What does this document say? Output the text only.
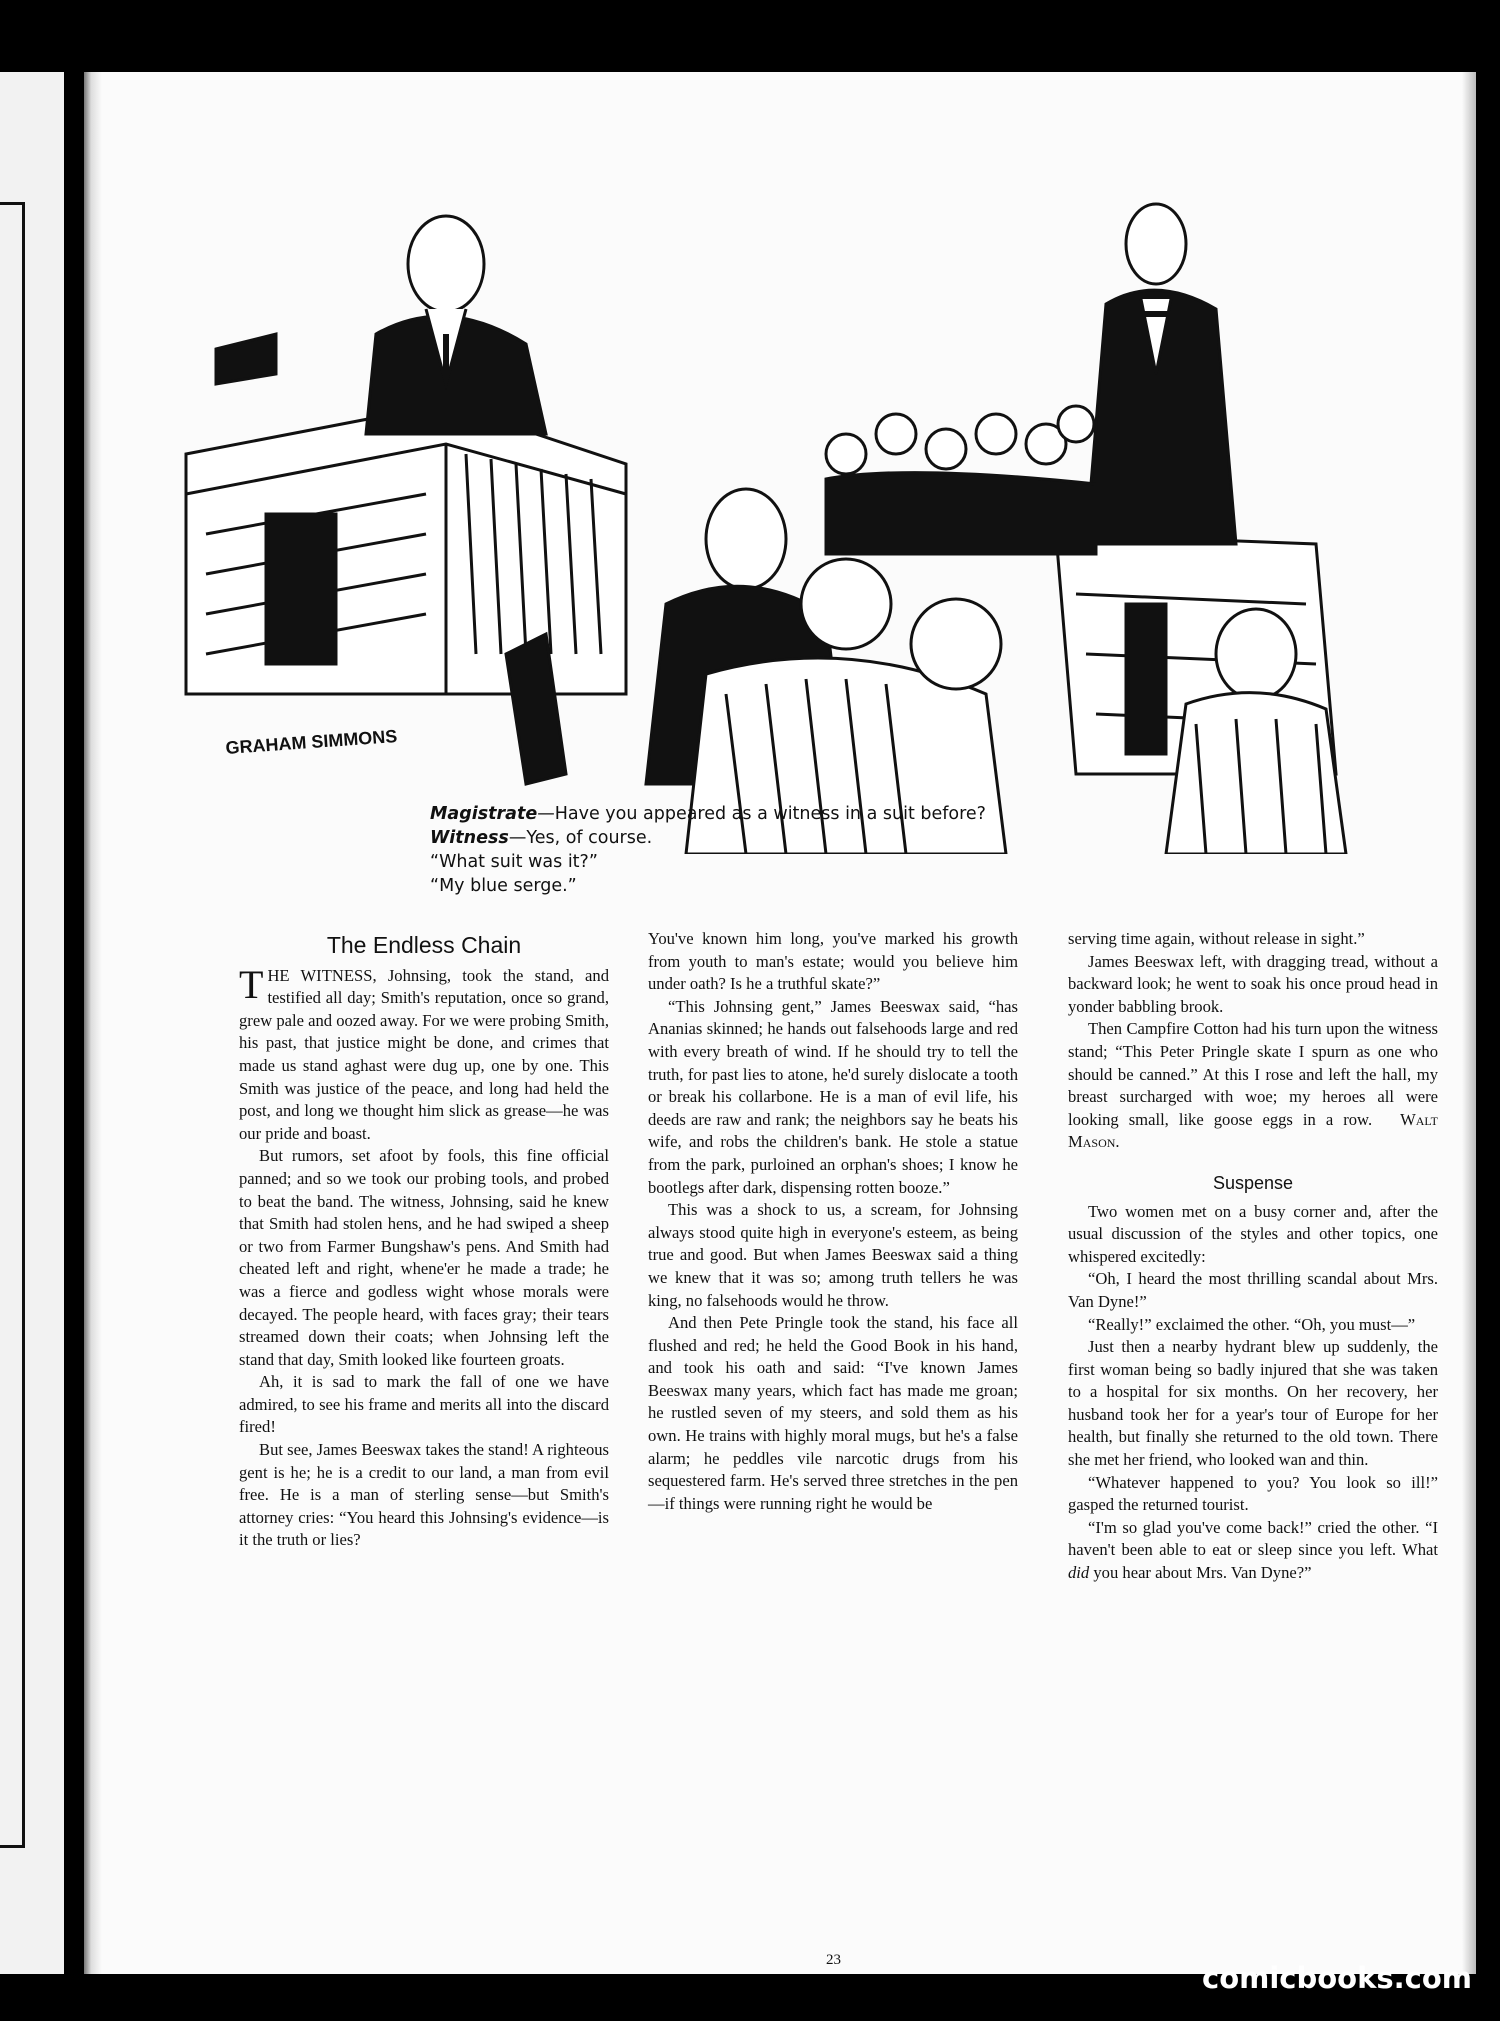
GRAHAM SIMMONS
Magistrate—Have you appeared as a witness in a suit before?
Witness—Yes, of course.
“What suit was it?”
“My blue serge.”
The Endless Chain

THE WITNESS, Johnsing, took the stand, and testified all day; Smith's reputation, once so grand, grew pale and oozed away. For we were probing Smith, his past, that justice might be done, and crimes that made us stand aghast were dug up, one by one. This Smith was justice of the peace, and long had held the post, and long we thought him slick as grease—he was our pride and boast.

But rumors, set afoot by fools, this fine official panned; and so we took our probing tools, and probed to beat the band. The witness, Johnsing, said he knew that Smith had stolen hens, and he had swiped a sheep or two from Farmer Bungshaw's pens. And Smith had cheated left and right, whene'er he made a trade; he was a fierce and godless wight whose morals were decayed. The people heard, with faces gray; their tears streamed down their coats; when Johnsing left the stand that day, Smith looked like fourteen groats.

Ah, it is sad to mark the fall of one we have admired, to see his frame and merits all into the discard fired!

But see, James Beeswax takes the stand! A righteous gent is he; he is a credit to our land, a man from evil free. He is a man of sterling sense—but Smith's attorney cries: “You heard this Johnsing's evidence—is it the truth or lies?

You've known him long, you've marked his growth from youth to man's estate; would you believe him under oath? Is he a truthful skate?”

“This Johnsing gent,” James Beeswax said, “has Ananias skinned; he hands out falsehoods large and red with every breath of wind. If he should try to tell the truth, for past lies to atone, he'd surely dislocate a tooth or break his collarbone. He is a man of evil life, his deeds are raw and rank; the neighbors say he beats his wife, and robs the children's bank. He stole a statue from the park, purloined an orphan's shoes; I know he bootlegs after dark, dispensing rotten booze.”

This was a shock to us, a scream, for Johnsing always stood quite high in everyone's esteem, as being true and good. But when James Beeswax said a thing we knew that it was so; among truth tellers he was king, no falsehoods would he throw.

And then Pete Pringle took the stand, his face all flushed and red; he held the Good Book in his hand, and took his oath and said: “I've known James Beeswax many years, which fact has made me groan; he rustled seven of my steers, and sold them as his own. He trains with highly moral mugs, but he's a false alarm; he peddles vile narcotic drugs from his sequestered farm. He's served three stretches in the pen—if things were running right he would be

serving time again, without release in sight.”

James Beeswax left, with dragging tread, without a backward look; he went to soak his once proud head in yonder babbling brook.

Then Campfire Cotton had his turn upon the witness stand; “This Peter Pringle skate I spurn as one who should be canned.” At this I rose and left the hall, my breast surcharged with woe; my heroes all were looking small, like goose eggs in a row. Walt Mason.

Suspense

Two women met on a busy corner and, after the usual discussion of the styles and other topics, one whispered excitedly:

“Oh, I heard the most thrilling scandal about Mrs. Van Dyne!”

“Really!” exclaimed the other. “Oh, you must—”

Just then a nearby hydrant blew up suddenly, the first woman being so badly injured that she was taken to a hospital for six months. On her recovery, her husband took her for a year's tour of Europe for her health, but finally she returned to the old town. There she met her friend, who looked wan and thin.

“Whatever happened to you? You look so ill!” gasped the returned tourist.

“I'm so glad you've come back!” cried the other. “I haven't been able to eat or sleep since you left. What did you hear about Mrs. Van Dyne?”

23
comicbooks.com
